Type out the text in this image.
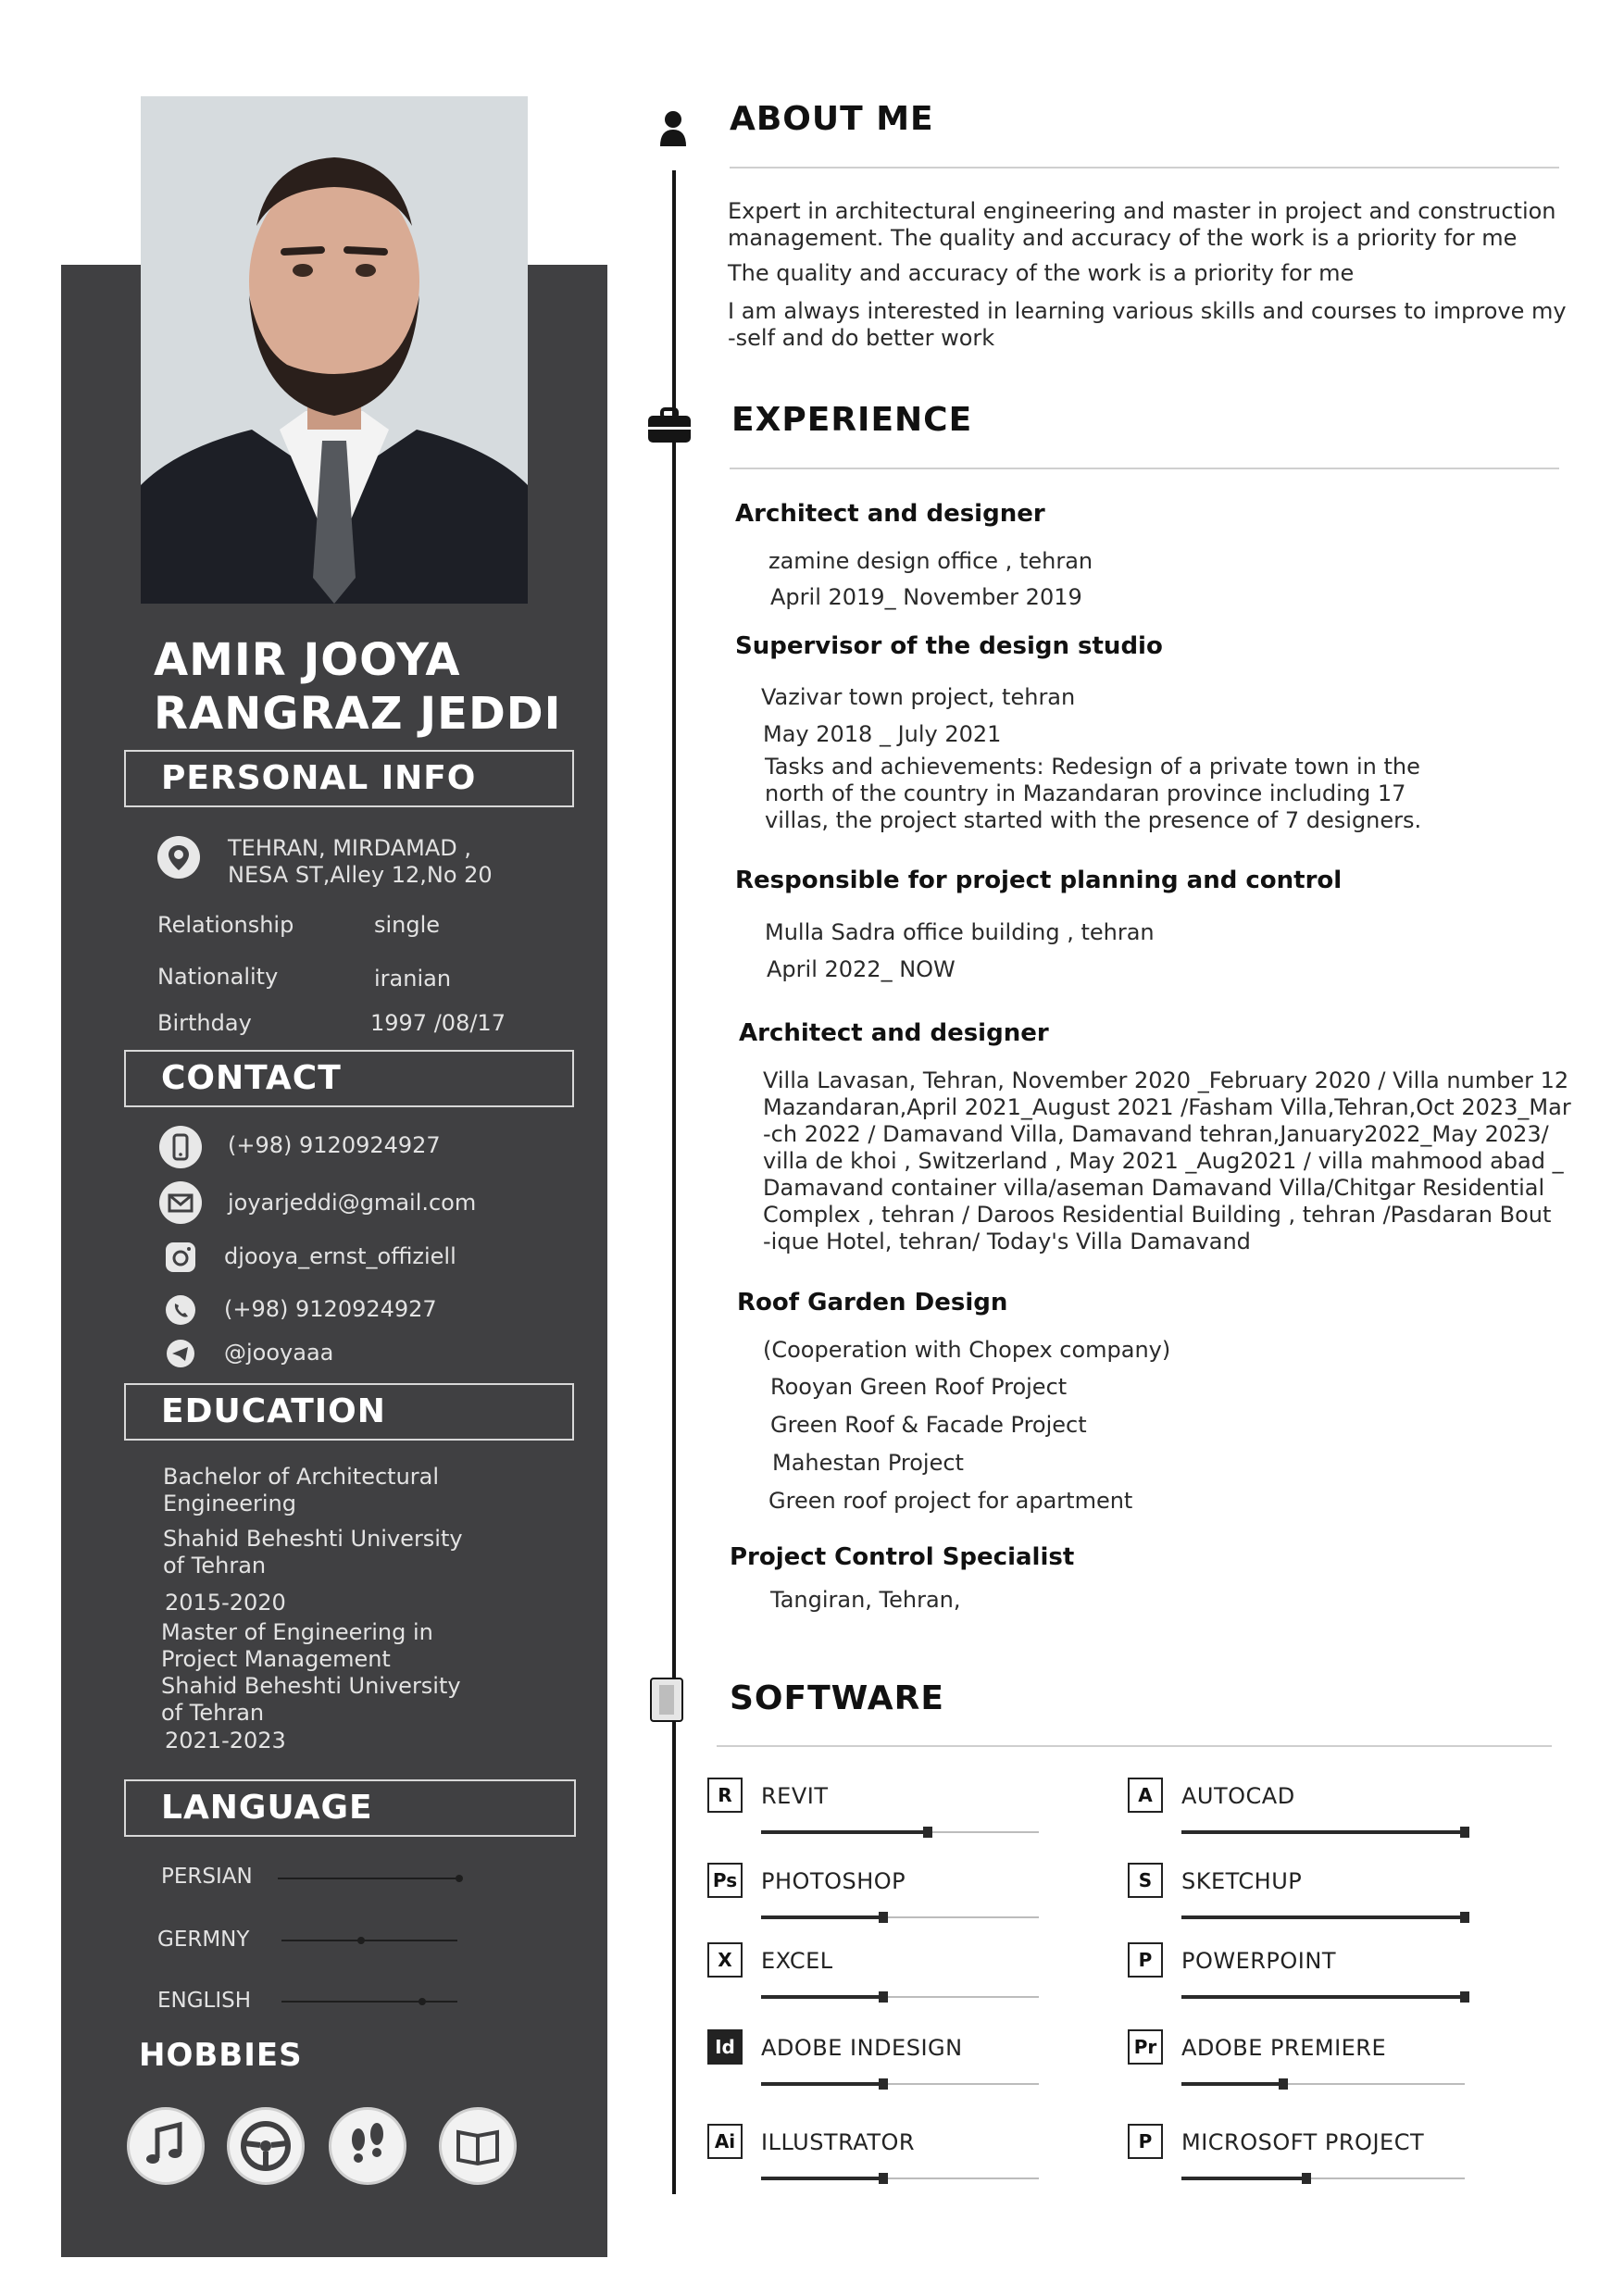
AMIR JOOYA
RANGRAZ JEDDI
PERSONAL INFO
TEHRAN, MIRDAMAD ,
NESA ST,Alley 12,No 20
Relationship	single
Nationality	iranian
Birthday	1997 /08/17
CONTACT
(+98) 9120924927
joyarjeddi@gmail.com
djooya_ernst_offiziell
(+98) 9120924927
@jooyaaa
EDUCATION
Bachelor of Architectural
Engineering
Shahid Beheshti University
of Tehran
2015-2020
Master of Engineering in
Project Management
Shahid Beheshti University
of Tehran
2021-2023
LANGUAGE
PERSIAN
GERMNY
ENGLISH
HOBBIES
ABOUT ME
Expert in architectural engineering and master in project and construction
management. The quality and accuracy of the work is a priority for me
The quality and accuracy of the work is a priority for me
I am always interested in learning various skills and courses to improve my
-self and do better work
EXPERIENCE
Architect and designer
zamine design office , tehran
April 2019_ November 2019
Supervisor of the design studio
Vazivar town project, tehran
May 2018 _ July 2021
Tasks and achievements: Redesign of a private town in the
north of the country in Mazandaran province including 17
villas, the project started with the presence of 7 designers.
Responsible for project planning and control
Mulla Sadra office building , tehran
April 2022_ NOW
Architect and designer
Villa Lavasan, Tehran, November 2020 _February 2020 / Villa number 12
Mazandaran,April 2021_August 2021 /Fasham Villa,Tehran,Oct 2023_Mar
-ch 2022 / Damavand Villa, Damavand tehran,January2022_May 2023/
villa de khoi , Switzerland , May 2021 _Aug2021 / villa mahmood abad _
Damavand container villa/aseman Damavand Villa/Chitgar Residential
Complex , tehran / Daroos Residential Building , tehran /Pasdaran Bout
-ique Hotel, tehran/ Today's Villa Damavand
Roof Garden Design
(Cooperation with Chopex company)
Rooyan Green Roof Project
Green Roof & Facade Project
Mahestan Project
Green roof project for apartment
Project Control Specialist
Tangiran, Tehran,
SOFTWARE
R	REVIT
Ps PHOTOSHOP
X	EXCEL
Id	ADOBE INDESIGN
Ai	ILLUSTRATOR
A	AUTOCAD
S	SKETCHUP
P	POWERPOINT
Pr ADOBE PREMIERE
P	MICROSOFT PROJECT
